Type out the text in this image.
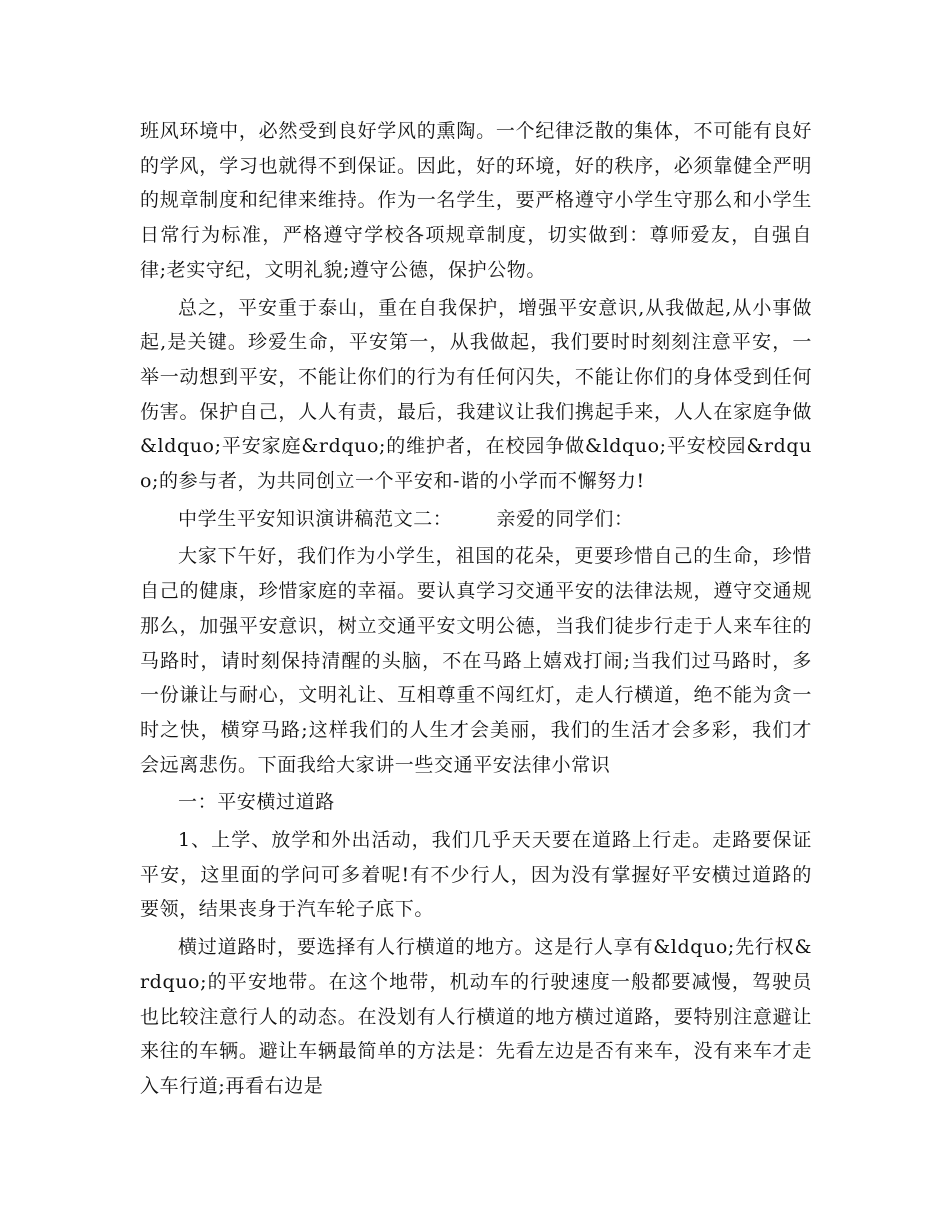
班风环境中，必然受到良好学风的熏陶。一个纪律泛散的集体，不可能有良好的学风，学习也就得不到保证。因此，好的环境，好的秩序，必须靠健全严明的规章制度和纪律来维持。作为一名学生，要严格遵守小学生守那么和小学生日常行为标准，严格遵守学校各项规章制度，切实做到：尊师爱友，自强自律;老实守纪，文明礼貌;遵守公德，保护公物。

总之，平安重于泰山，重在自我保护，增强平安意识,从我做起,从小事做起,是关键。珍爱生命，平安第一，从我做起，我们要时时刻刻注意平安，一举一动想到平安，不能让你们的行为有任何闪失，不能让你们的身体受到任何伤害。保护自己，人人有责，最后，我建议让我们携起手来，人人在家庭争做&ldquo;平安家庭&rdquo;的维护者，在校园争做&ldquo;平安校园&rdquo;的参与者，为共同创立一个平安和-谐的小学而不懈努力!

中学生平安知识演讲稿范文二： 亲爱的同学们：

大家下午好，我们作为小学生，祖国的花朵，更要珍惜自己的生命，珍惜自己的健康，珍惜家庭的幸福。要认真学习交通平安的法律法规，遵守交通规那么，加强平安意识，树立交通平安文明公德，当我们徒步行走于人来车往的马路时，请时刻保持清醒的头脑，不在马路上嬉戏打闹;当我们过马路时，多一份谦让与耐心，文明礼让、互相尊重不闯红灯，走人行横道，绝不能为贪一时之快，横穿马路;这样我们的人生才会美丽，我们的生活才会多彩，我们才会远离悲伤。下面我给大家讲一些交通平安法律小常识

一：平安横过道路

1、上学、放学和外出活动，我们几乎天天要在道路上行走。走路要保证平安，这里面的学问可多着呢!有不少行人，因为没有掌握好平安横过道路的要领，结果丧身于汽车轮子底下。

横过道路时，要选择有人行横道的地方。这是行人享有&ldquo;先行权&rdquo;的平安地带。在这个地带，机动车的行驶速度一般都要减慢，驾驶员也比较注意行人的动态。在没划有人行横道的地方横过道路，要特别注意避让来往的车辆。避让车辆最简单的方法是：先看左边是否有来车，没有来车才走入车行道;再看右边是
